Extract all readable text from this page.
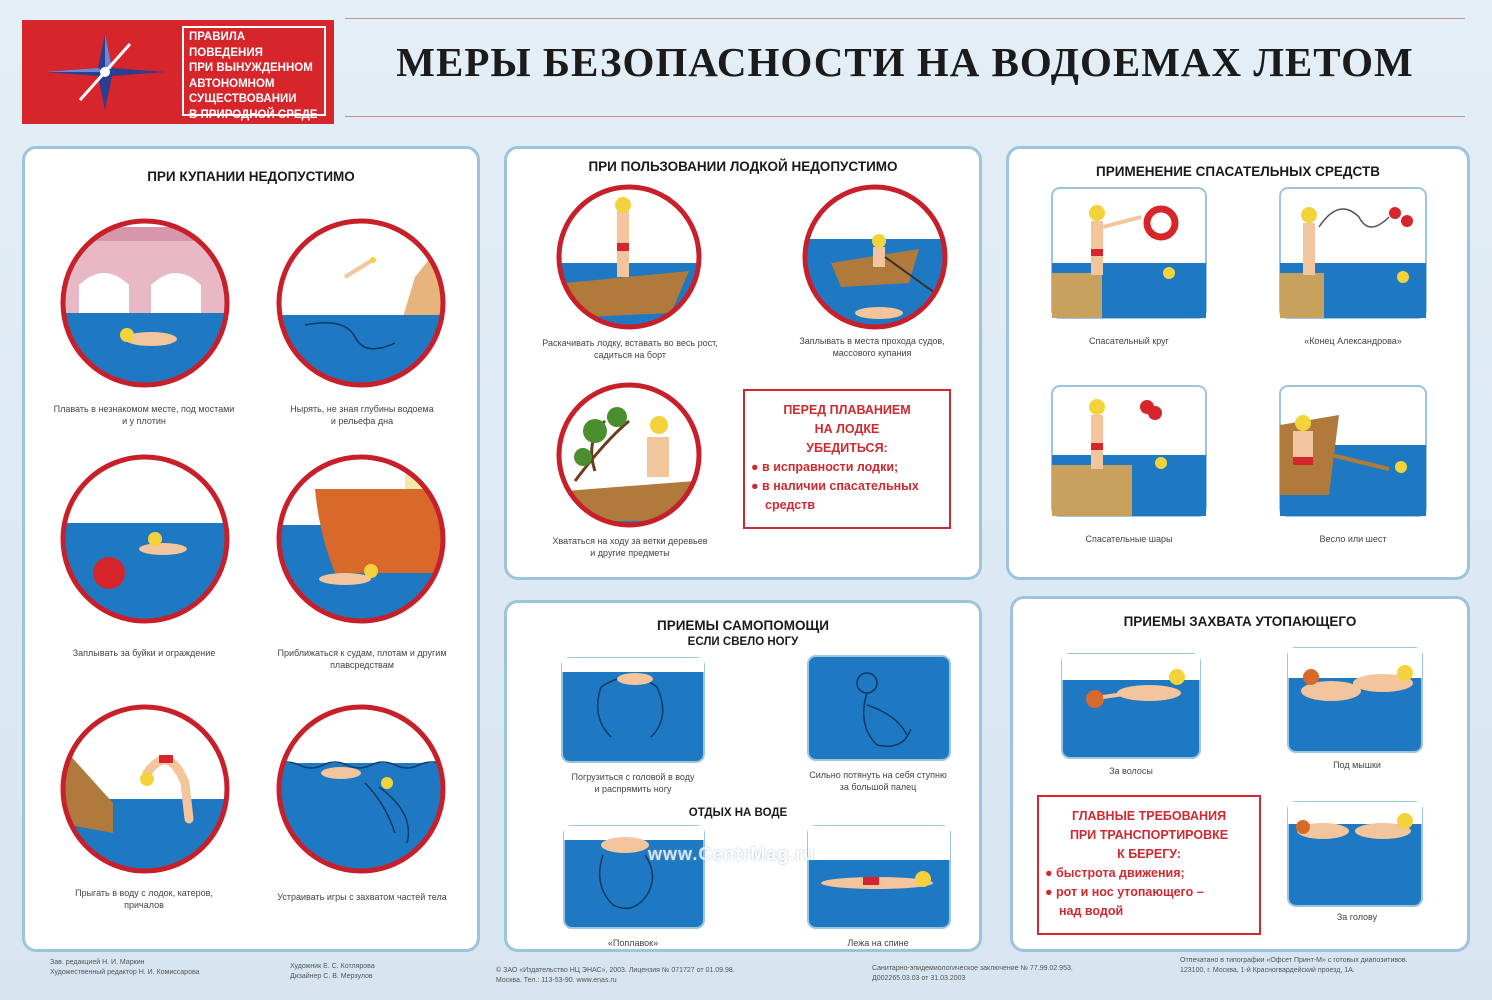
ПРАВИЛА ПОВЕДЕНИЯ
ПРИ ВЫНУЖДЕННОМ
АВТОНОМНОМ
СУЩЕСТВОВАНИИ
В ПРИРОДНОЙ СРЕДЕ
МЕРЫ БЕЗОПАСНОСТИ НА ВОДОЕМАХ ЛЕТОМ
ПРИ КУПАНИИ НЕДОПУСТИМО
Плавать в незнакомом месте, под мостами
и у плотин
Нырять, не зная глубины водоема
и рельефа дна
Заплывать за буйки и ограждение	Приближаться к судам, плотам и другим
плавсредствам
Прыгать в воду с лодок, катеров,
причалов
Устраивать игры с захватом частей тела
ПРИ ПОЛЬЗОВАНИИ ЛОДКОЙ НЕДОПУСТИМО
Раскачивать лодку, вставать во весь рост,
садиться на борт
Заплывать в места прохода судов,
массового купания
Хвататься на ходу за ветки деревьев
и другие предметы
ПЕРЕД ПЛАВАНИЕМ
НА ЛОДКЕ
УБЕДИТЬСЯ:
● в исправности лодки;
● в наличии спасательных
средств
ПРИМЕНЕНИЕ СПАСАТЕЛЬНЫХ СРЕДСТВ
Спасательный круг	«Конец Александрова»
Спасательные шары	Весло или шест
ПРИЕМЫ САМОПОМОЩИ
ЕСЛИ СВЕЛО НОГУ
Погрузиться с головой в воду
и распрямить ногу
Сильно потянуть на себя ступню
за большой палец
ОТДЫХ НА ВОДЕ
«Поплавок»	Лежа на спине
ПРИЕМЫ ЗАХВАТА УТОПАЮЩЕГО
За волосы
Под мышки
За голову
ГЛАВНЫЕ ТРЕБОВАНИЯ
ПРИ ТРАНСПОРТИРОВКЕ
К БЕРЕГУ:
● быстрота движения;
● рот и нос утопающего –
над водой
www.CentrMag.ru
Зав. редакцией Н. И. Маркин
Художественный редактор Н. И. Комиссарова
Художник Е. С. Котлярова
Дизайнер С. В. Мерзулов
© ЗАО «Издательство НЦ ЭНАС», 2003. Лицензия № 071727 от 01.09.98.
Москва. Тел.: 113-53-90. www.enas.ru
Санитарно-эпидемиологическое заключение № 77.99.02.953.
Д002265.03.03 от 31.03.2003
Отпечатано в типографии «Офсет Принт-М» с готовых диапозитивов.
123100, г. Москва, 1-й Красногвардейский проезд, 1А.
